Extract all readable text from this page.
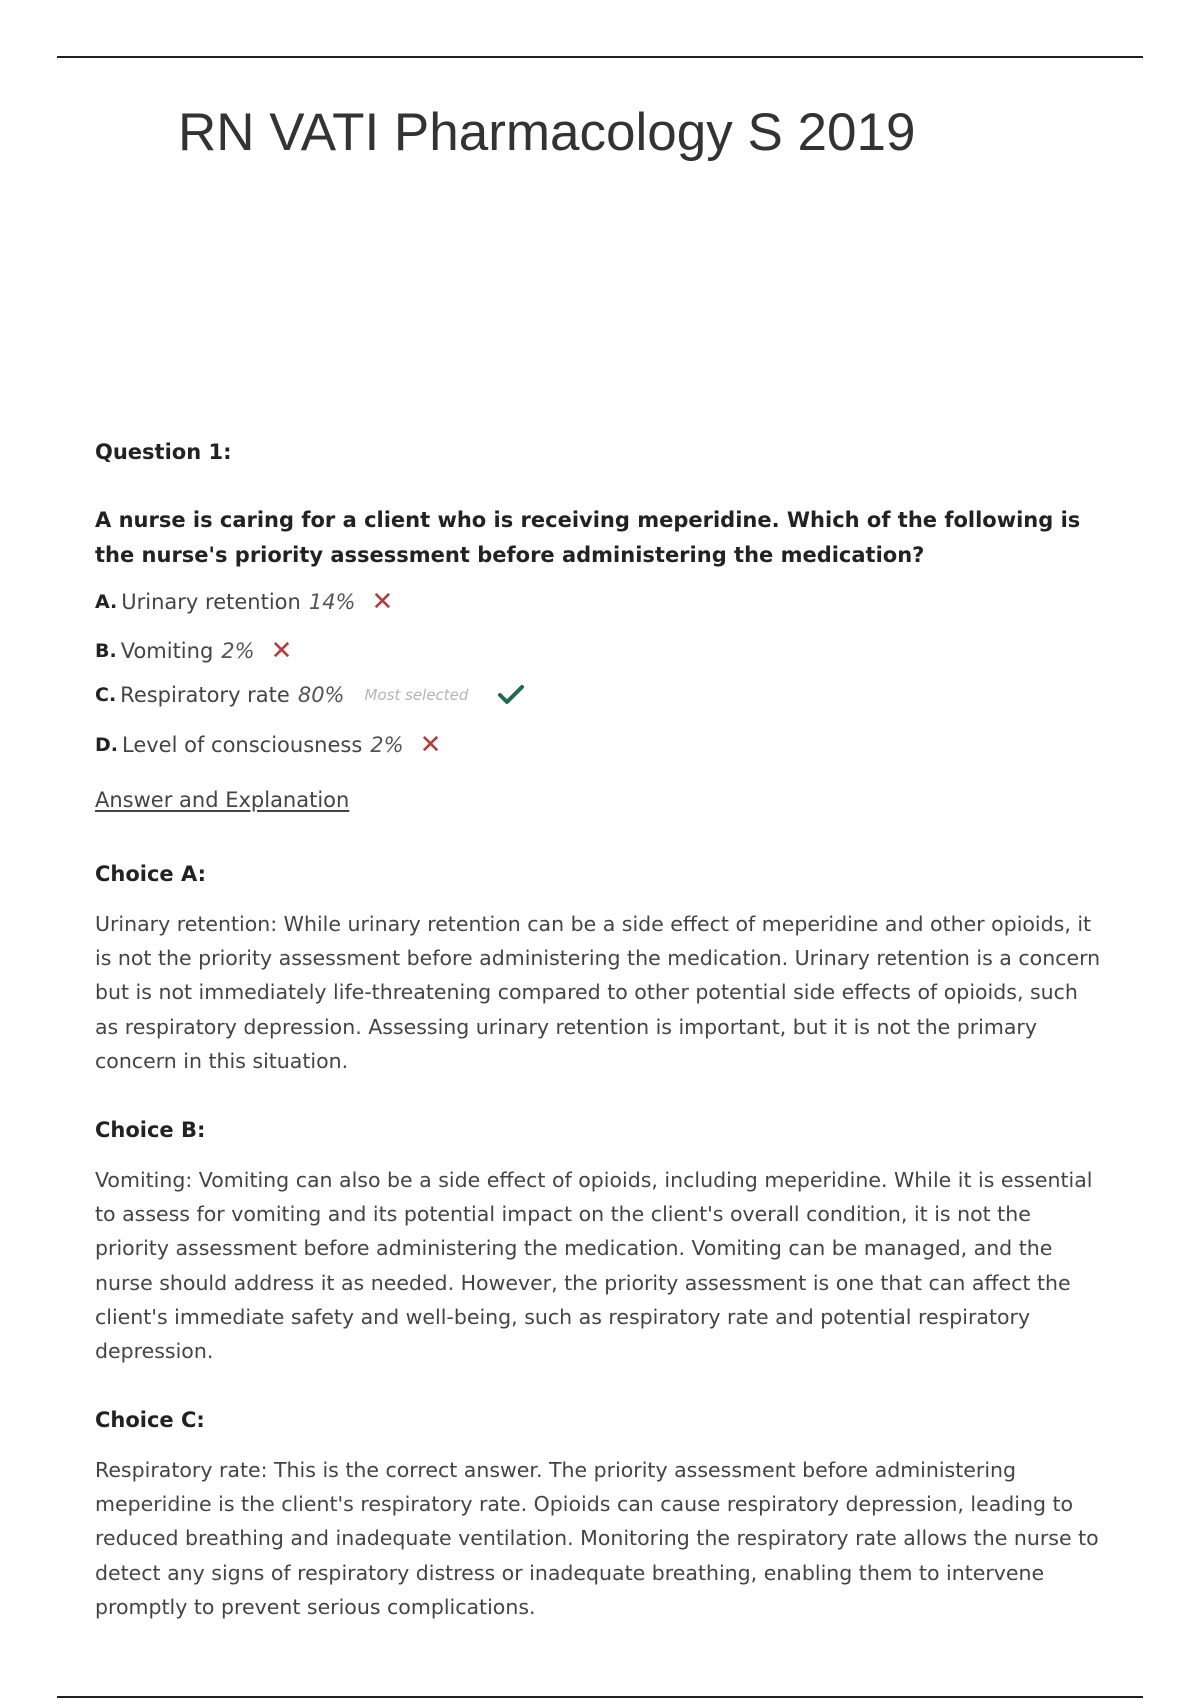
RN VATI Pharmacology S 2019
Question 1:
A nurse is caring for a client who is receiving meperidine. Which of the following is the nurse's priority assessment before administering the medication?
A. Urinary retention 14% ✕
B. Vomiting 2% ✕
C. Respiratory rate 80% Most selected
D. Level of consciousness 2% ✕
Answer and Explanation
Choice A:

Urinary retention: While urinary retention can be a side effect of meperidine and other opioids, it is not the priority assessment before administering the medication. Urinary retention is a concern but is not immediately life-threatening compared to other potential side effects of opioids, such as respiratory depression. Assessing urinary retention is important, but it is not the primary concern in this situation.

Choice B:

Vomiting: Vomiting can also be a side effect of opioids, including meperidine. While it is essential to assess for vomiting and its potential impact on the client's overall condition, it is not the priority assessment before administering the medication. Vomiting can be managed, and the nurse should address it as needed. However, the priority assessment is one that can affect the client's immediate safety and well-being, such as respiratory rate and potential respiratory depression.

Choice C:

Respiratory rate: This is the correct answer. The priority assessment before administering meperidine is the client's respiratory rate. Opioids can cause respiratory depression, leading to reduced breathing and inadequate ventilation. Monitoring the respiratory rate allows the nurse to detect any signs of respiratory distress or inadequate breathing, enabling them to intervene promptly to prevent serious complications.
